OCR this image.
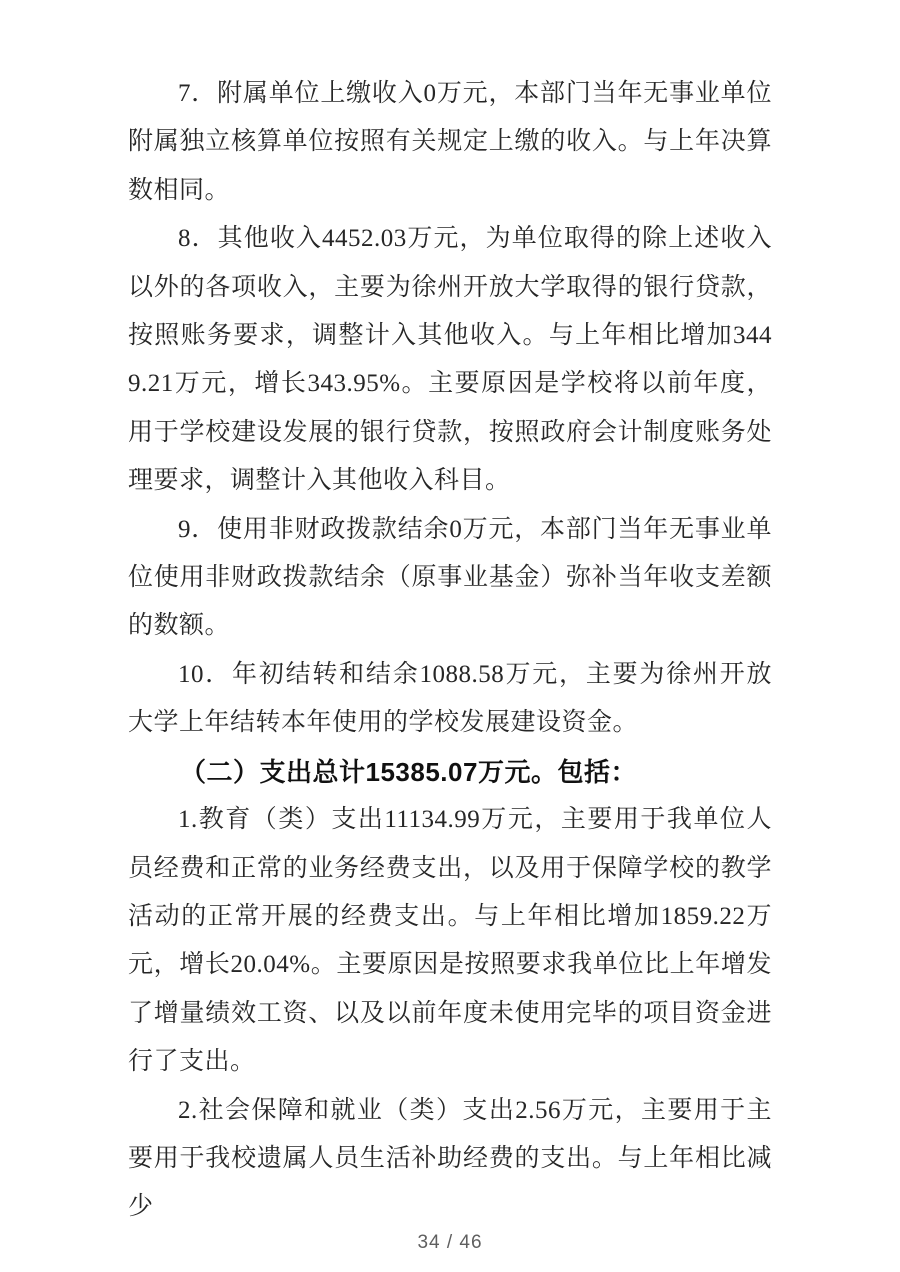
7．附属单位上缴收入0万元，本部门当年无事业单位附属独立核算单位按照有关规定上缴的收入。与上年决算数相同。

8．其他收入4452.03万元，为单位取得的除上述收入以外的各项收入，主要为徐州开放大学取得的银行贷款，按照账务要求，调整计入其他收入。与上年相比增加3449.21万元，增长343.95%。主要原因是学校将以前年度，用于学校建设发展的银行贷款，按照政府会计制度账务处理要求，调整计入其他收入科目。

9．使用非财政拨款结余0万元，本部门当年无事业单位使用非财政拨款结余（原事业基金）弥补当年收支差额的数额。

10．年初结转和结余1088.58万元，主要为徐州开放大学上年结转本年使用的学校发展建设资金。

（二）支出总计15385.07万元。包括：

1.教育（类）支出11134.99万元，主要用于我单位人员经费和正常的业务经费支出，以及用于保障学校的教学活动的正常开展的经费支出。与上年相比增加1859.22万元，增长20.04%。主要原因是按照要求我单位比上年增发了增量绩效工资、以及以前年度未使用完毕的项目资金进行了支出。

2.社会保障和就业（类）支出2.56万元，主要用于主要用于我校遗属人员生活补助经费的支出。与上年相比减少

34 / 46
